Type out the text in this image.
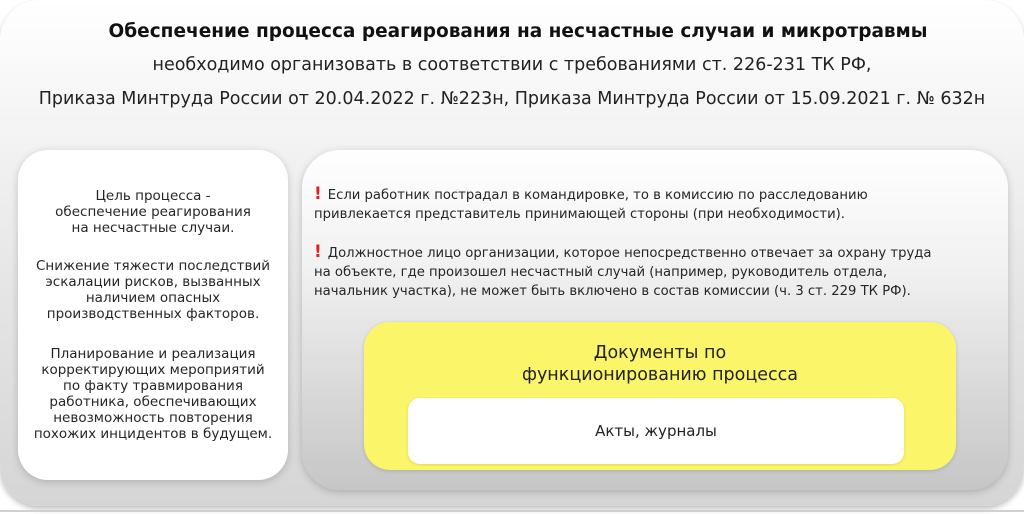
Обеспечение процесса реагирования на несчастные случаи и микротравмы
необходимо организовать в соответствии с требованиями ст. 226-231 ТК РФ,
Приказа Минтруда России от 20.04.2022 г. №223н, Приказа Минтруда России от 15.09.2021 г. № 632н
Цель процесса -
обеспечение реагирования
на несчастные случаи.
Снижение тяжести последствий
эскалации рисков, вызванных
наличием опасных
производственных факторов.
Планирование и реализация
корректирующих мероприятий
по факту травмирования
работника, обеспечивающих
невозможность повторения
похожих инцидентов в будущем.
! Если работник пострадал в командировке, то в комиссию по расследованию
привлекается представитель принимающей стороны (при необходимости).
! Должностное лицо организации, которое непосредственно отвечает за охрану труда
на объекте, где произошел несчастный случай (например, руководитель отдела,
начальник участка), не может быть включено в состав комиссии (ч. 3 ст. 229 ТК РФ).
Документы по
функционированию процесса
Акты, журналы
